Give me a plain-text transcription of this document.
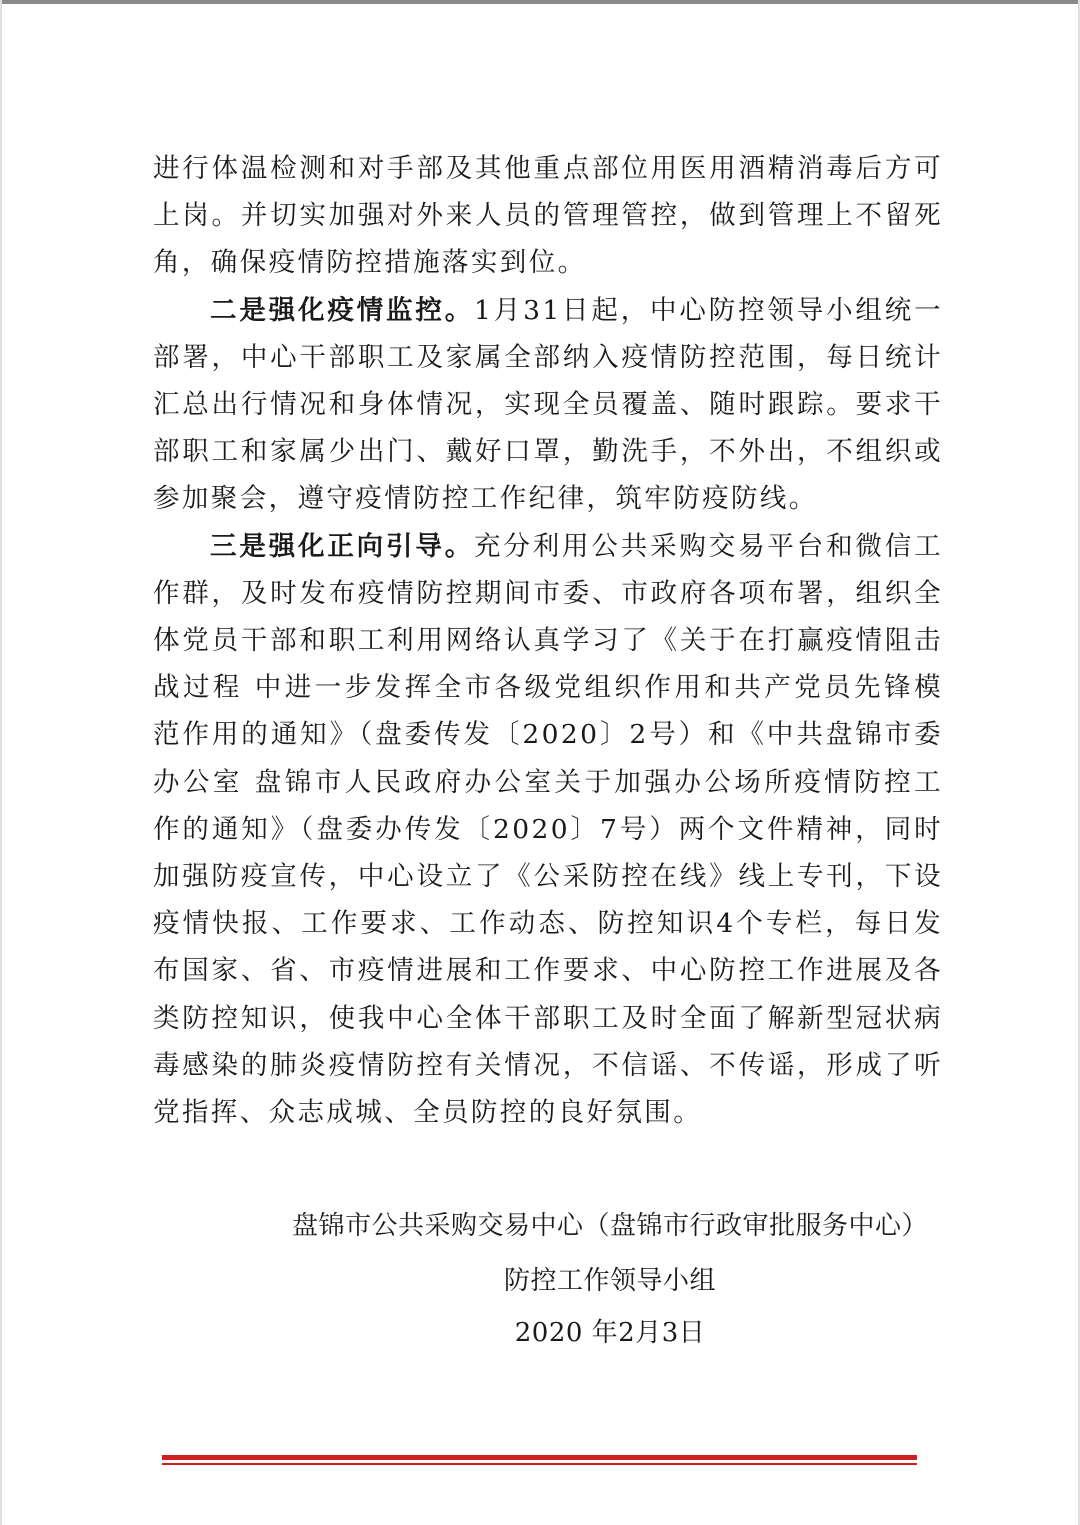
进行体温检测和对手部及其他重点部位用医用酒精消毒后方可上岗。并切实加强对外来人员的管理管控，做到管理上不留死角，确保疫情防控措施落实到位。

二是强化疫情监控。1月31日起，中心防控领导小组统一部署，中心干部职工及家属全部纳入疫情防控范围，每日统计汇总出行情况和身体情况，实现全员覆盖、随时跟踪。要求干部职工和家属少出门、戴好口罩，勤洗手，不外出，不组织或参加聚会，遵守疫情防控工作纪律，筑牢防疫防线。

三是强化正向引导。充分利用公共采购交易平台和微信工作群，及时发布疫情防控期间市委、市政府各项布署，组织全体党员干部和职工利用网络认真学习了《关于在打赢疫情阻击战过程 中进一步发挥全市各级党组织作用和共产党员先锋模范作用的通知》（盘委传发〔2020〕2号）和《中共盘锦市委办公室 盘锦市人民政府办公室关于加强办公场所疫情防控工作的通知》（盘委办传发〔2020〕7号）两个文件精神，同时加强防疫宣传，中心设立了《公采防控在线》线上专刊，下设疫情快报、工作要求、工作动态、防控知识4个专栏，每日发布国家、省、市疫情进展和工作要求、中心防控工作进展及各类防控知识，使我中心全体干部职工及时全面了解新型冠状病毒感染的肺炎疫情防控有关情况，不信谣、不传谣，形成了听党指挥、众志成城、全员防控的良好氛围。

盘锦市公共采购交易中心（盘锦市行政审批服务中心）
防控工作领导小组
2020 年2月3日
